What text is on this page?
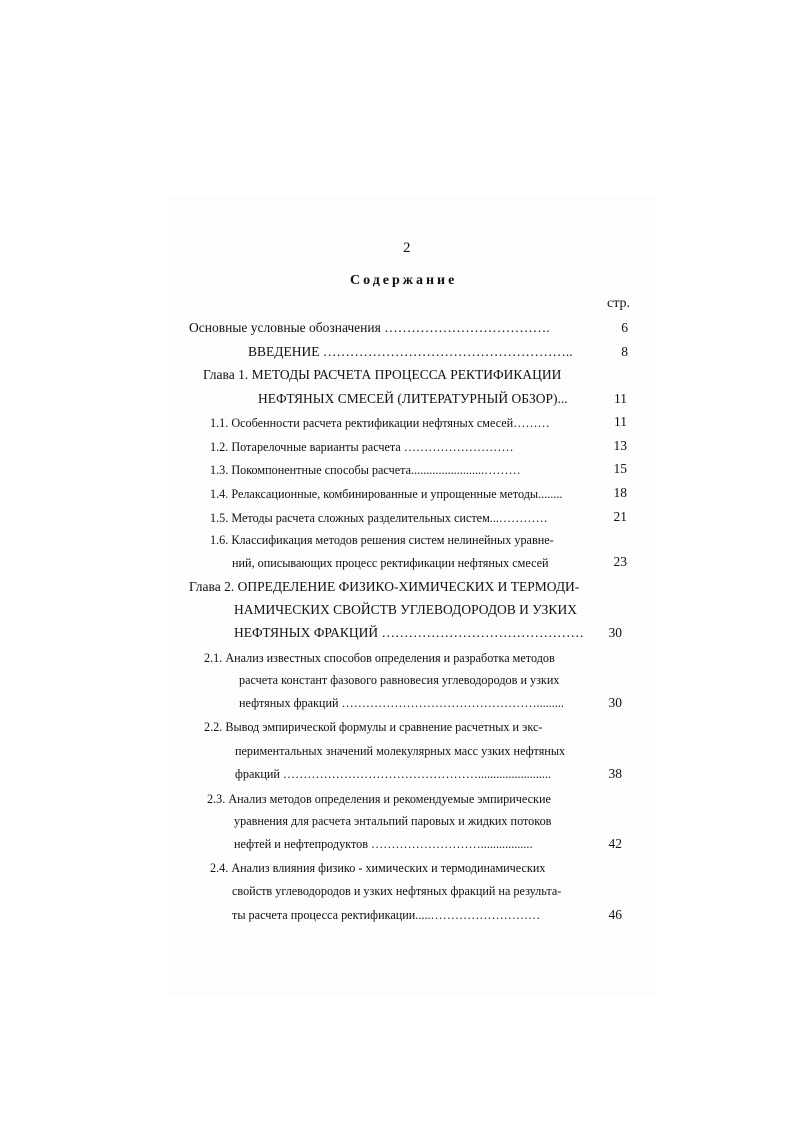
2
Содержание
стр.
Основные условные обозначения ……………………………….	6
ВВЕДЕНИЕ ………………………………………………..	8
Глава 1. МЕТОДЫ РАСЧЕТА ПРОЦЕССА РЕКТИФИКАЦИИ
НЕФТЯНЫХ СМЕСЕЙ (ЛИТЕРАТУРНЫЙ ОБЗОР)...	11
1.1. Особенности расчета ректификации нефтяных смесей………	11
1.2. Потарелочные варианты расчета ………………………	13
1.3. Покомпонентные способы расчета........................………	15
1.4. Релаксационные, комбинированные и упрощенные методы........	18
1.5. Методы расчета сложных разделительных систем...…………	21
1.6. Классификация методов решения систем нелинейных уравне-
ний, описывающих процесс ректификации нефтяных смесей	23
Глава 2. ОПРЕДЕЛЕНИЕ ФИЗИКО-ХИМИЧЕСКИХ И ТЕРМОДИ-
НАМИЧЕСКИХ СВОЙСТВ УГЛЕВОДОРОДОВ И УЗКИХ
НЕФТЯНЫХ ФРАКЦИЙ ………………………………………	30
2.1. Анализ известных способов определения и разработка методов
расчета констант фазового равновесия углеводородов и узких
нефтяных фракций ………………………………………….........	30
2.2. Вывод эмпирической формулы и сравнение расчетных и экс-
периментальных значений молекулярных масс узких нефтяных
фракций …………………………………………........................	38
2.3. Анализ методов определения и рекомендуемые эмпирические
уравнения для расчета энтальпий паровых и жидких потоков
нефтей и нефтепродуктов ……………………….................	42
2.4. Анализ влияния физико - химических и термодинамических
свойств углеводородов и узких нефтяных фракций на результа-
ты расчета процесса ректификации.....………………………	46
